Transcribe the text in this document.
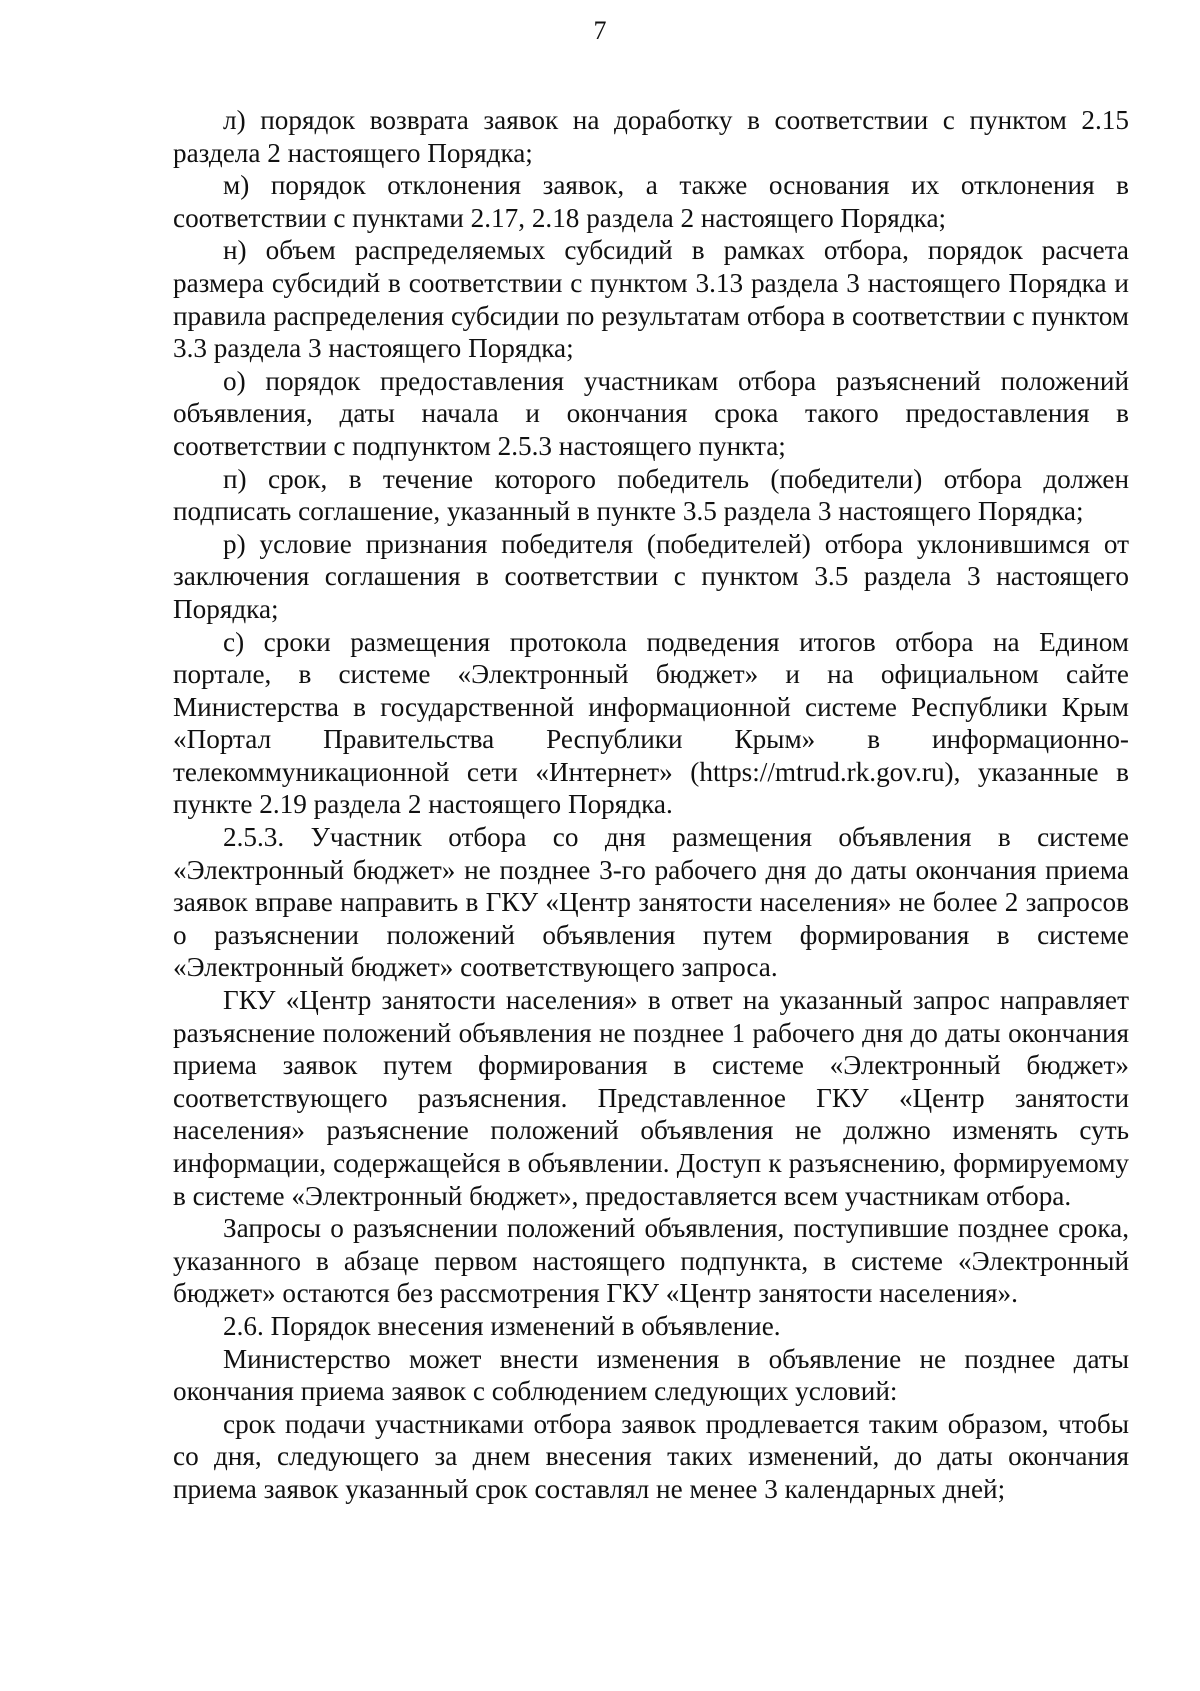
7

л) порядок возврата заявок на доработку в соответствии с пунктом 2.15 раздела 2 настоящего Порядка;

м) порядок отклонения заявок, а также основания их отклонения в соответствии с пунктами 2.17, 2.18 раздела 2 настоящего Порядка;

н) объем распределяемых субсидий в рамках отбора, порядок расчета размера субсидий в соответствии с пунктом 3.13 раздела 3 настоящего Порядка и правила распределения субсидии по результатам отбора в соответствии с пунктом 3.3 раздела 3 настоящего Порядка;

о) порядок предоставления участникам отбора разъяснений положений объявления, даты начала и окончания срока такого предоставления в соответствии с подпунктом 2.5.3 настоящего пункта;

п) срок, в течение которого победитель (победители) отбора должен подписать соглашение, указанный в пункте 3.5 раздела 3 настоящего Порядка;

р) условие признания победителя (победителей) отбора уклонившимся от заключения соглашения в соответствии с пунктом 3.5 раздела 3 настоящего Порядка;

с) сроки размещения протокола подведения итогов отбора на Едином портале, в системе «Электронный бюджет» и на официальном сайте Министерства в государственной информационной системе Республики Крым «Портал Правительства Республики Крым» в информационно-телекоммуникационной сети «Интернет» (https://mtrud.rk.gov.ru), указанные в пункте 2.19 раздела 2 настоящего Порядка.

2.5.3. Участник отбора со дня размещения объявления в системе «Электронный бюджет» не позднее 3-го рабочего дня до даты окончания приема заявок вправе направить в ГКУ «Центр занятости населения» не более 2 запросов о разъяснении положений объявления путем формирования в системе «Электронный бюджет» соответствующего запроса.

ГКУ «Центр занятости населения» в ответ на указанный запрос направляет разъяснение положений объявления не позднее 1 рабочего дня до даты окончания приема заявок путем формирования в системе «Электронный бюджет» соответствующего разъяснения. Представленное ГКУ «Центр занятости населения» разъяснение положений объявления не должно изменять суть информации, содержащейся в объявлении. Доступ к разъяснению, формируемому в системе «Электронный бюджет», предоставляется всем участникам отбора.

Запросы о разъяснении положений объявления, поступившие позднее срока, указанного в абзаце первом настоящего подпункта, в системе «Электронный бюджет» остаются без рассмотрения ГКУ «Центр занятости населения».

2.6. Порядок внесения изменений в объявление.

Министерство может внести изменения в объявление не позднее даты окончания приема заявок с соблюдением следующих условий:

срок подачи участниками отбора заявок продлевается таким образом, чтобы со дня, следующего за днем внесения таких изменений, до даты окончания приема заявок указанный срок составлял не менее 3 календарных дней;
